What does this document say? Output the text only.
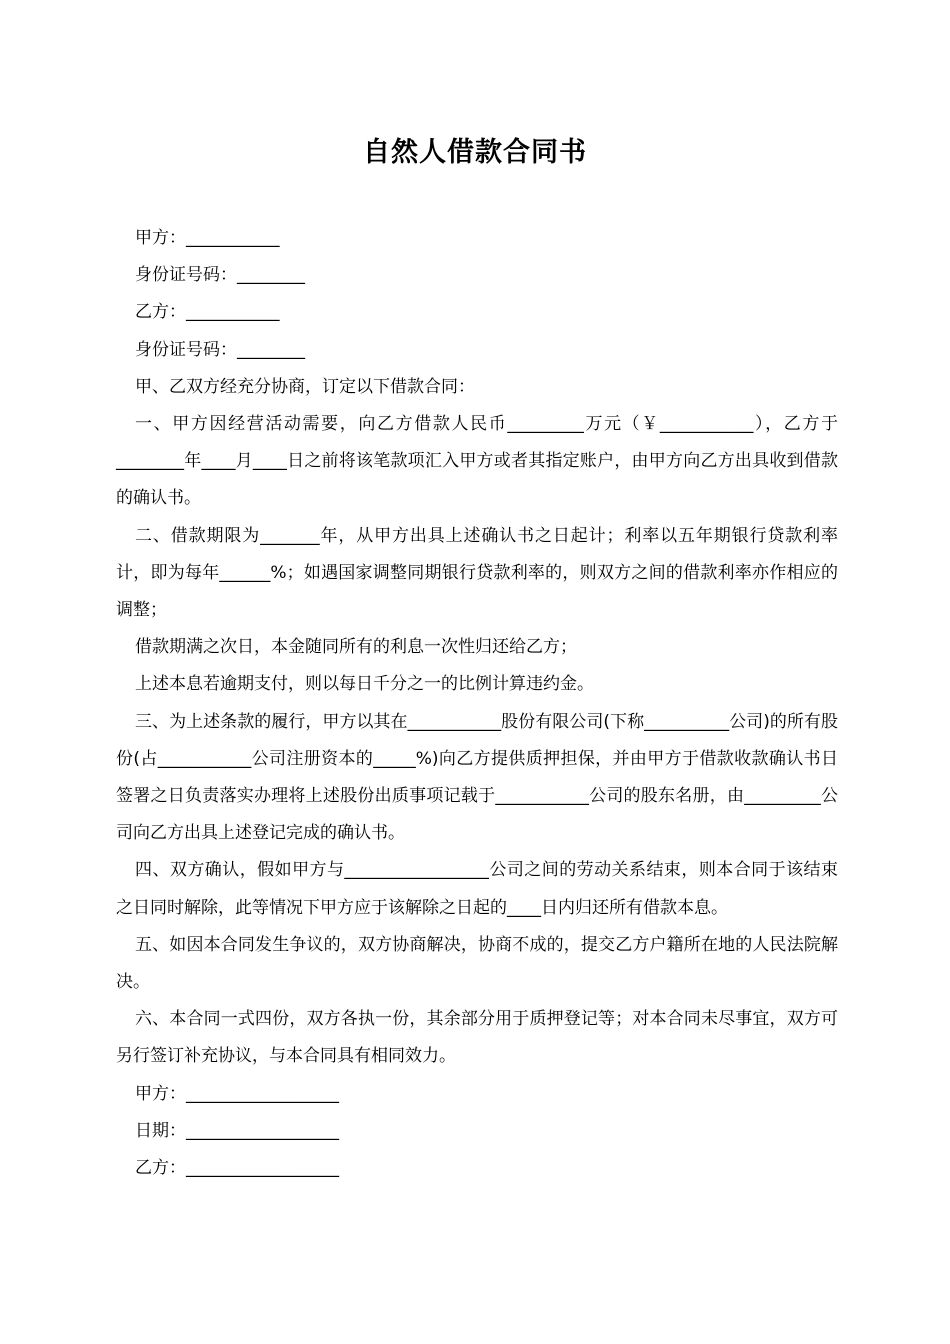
自然人借款合同书

甲方：___________

身份证号码：________

乙方：___________

身份证号码：________

甲、乙双方经充分协商，订定以下借款合同：

一、甲方因经营活动需要，向乙方借款人民币_________万元（￥___________），乙方于________年____月____日之前将该笔款项汇入甲方或者其指定账户，由甲方向乙方出具收到借款的确认书。

二、借款期限为_______年，从甲方出具上述确认书之日起计；利率以五年期银行贷款利率计，即为每年______%；如遇国家调整同期银行贷款利率的，则双方之间的借款利率亦作相应的调整；

借款期满之次日，本金随同所有的利息一次性归还给乙方；

上述本息若逾期支付，则以每日千分之一的比例计算违约金。

三、为上述条款的履行，甲方以其在___________股份有限公司(下称__________公司)的所有股份(占___________公司注册资本的_____%)向乙方提供质押担保，并由甲方于借款收款确认书日签署之日负责落实办理将上述股份出质事项记载于___________公司的股东名册，由_________公司向乙方出具上述登记完成的确认书。

四、双方确认，假如甲方与_________________公司之间的劳动关系结束，则本合同于该结束之日同时解除，此等情况下甲方应于该解除之日起的____日内归还所有借款本息。

五、如因本合同发生争议的，双方协商解决，协商不成的，提交乙方户籍所在地的人民法院解决。

六、本合同一式四份，双方各执一份，其余部分用于质押登记等；对本合同未尽事宜，双方可另行签订补充协议，与本合同具有相同效力。

甲方：__________________

日期：__________________

乙方：__________________
